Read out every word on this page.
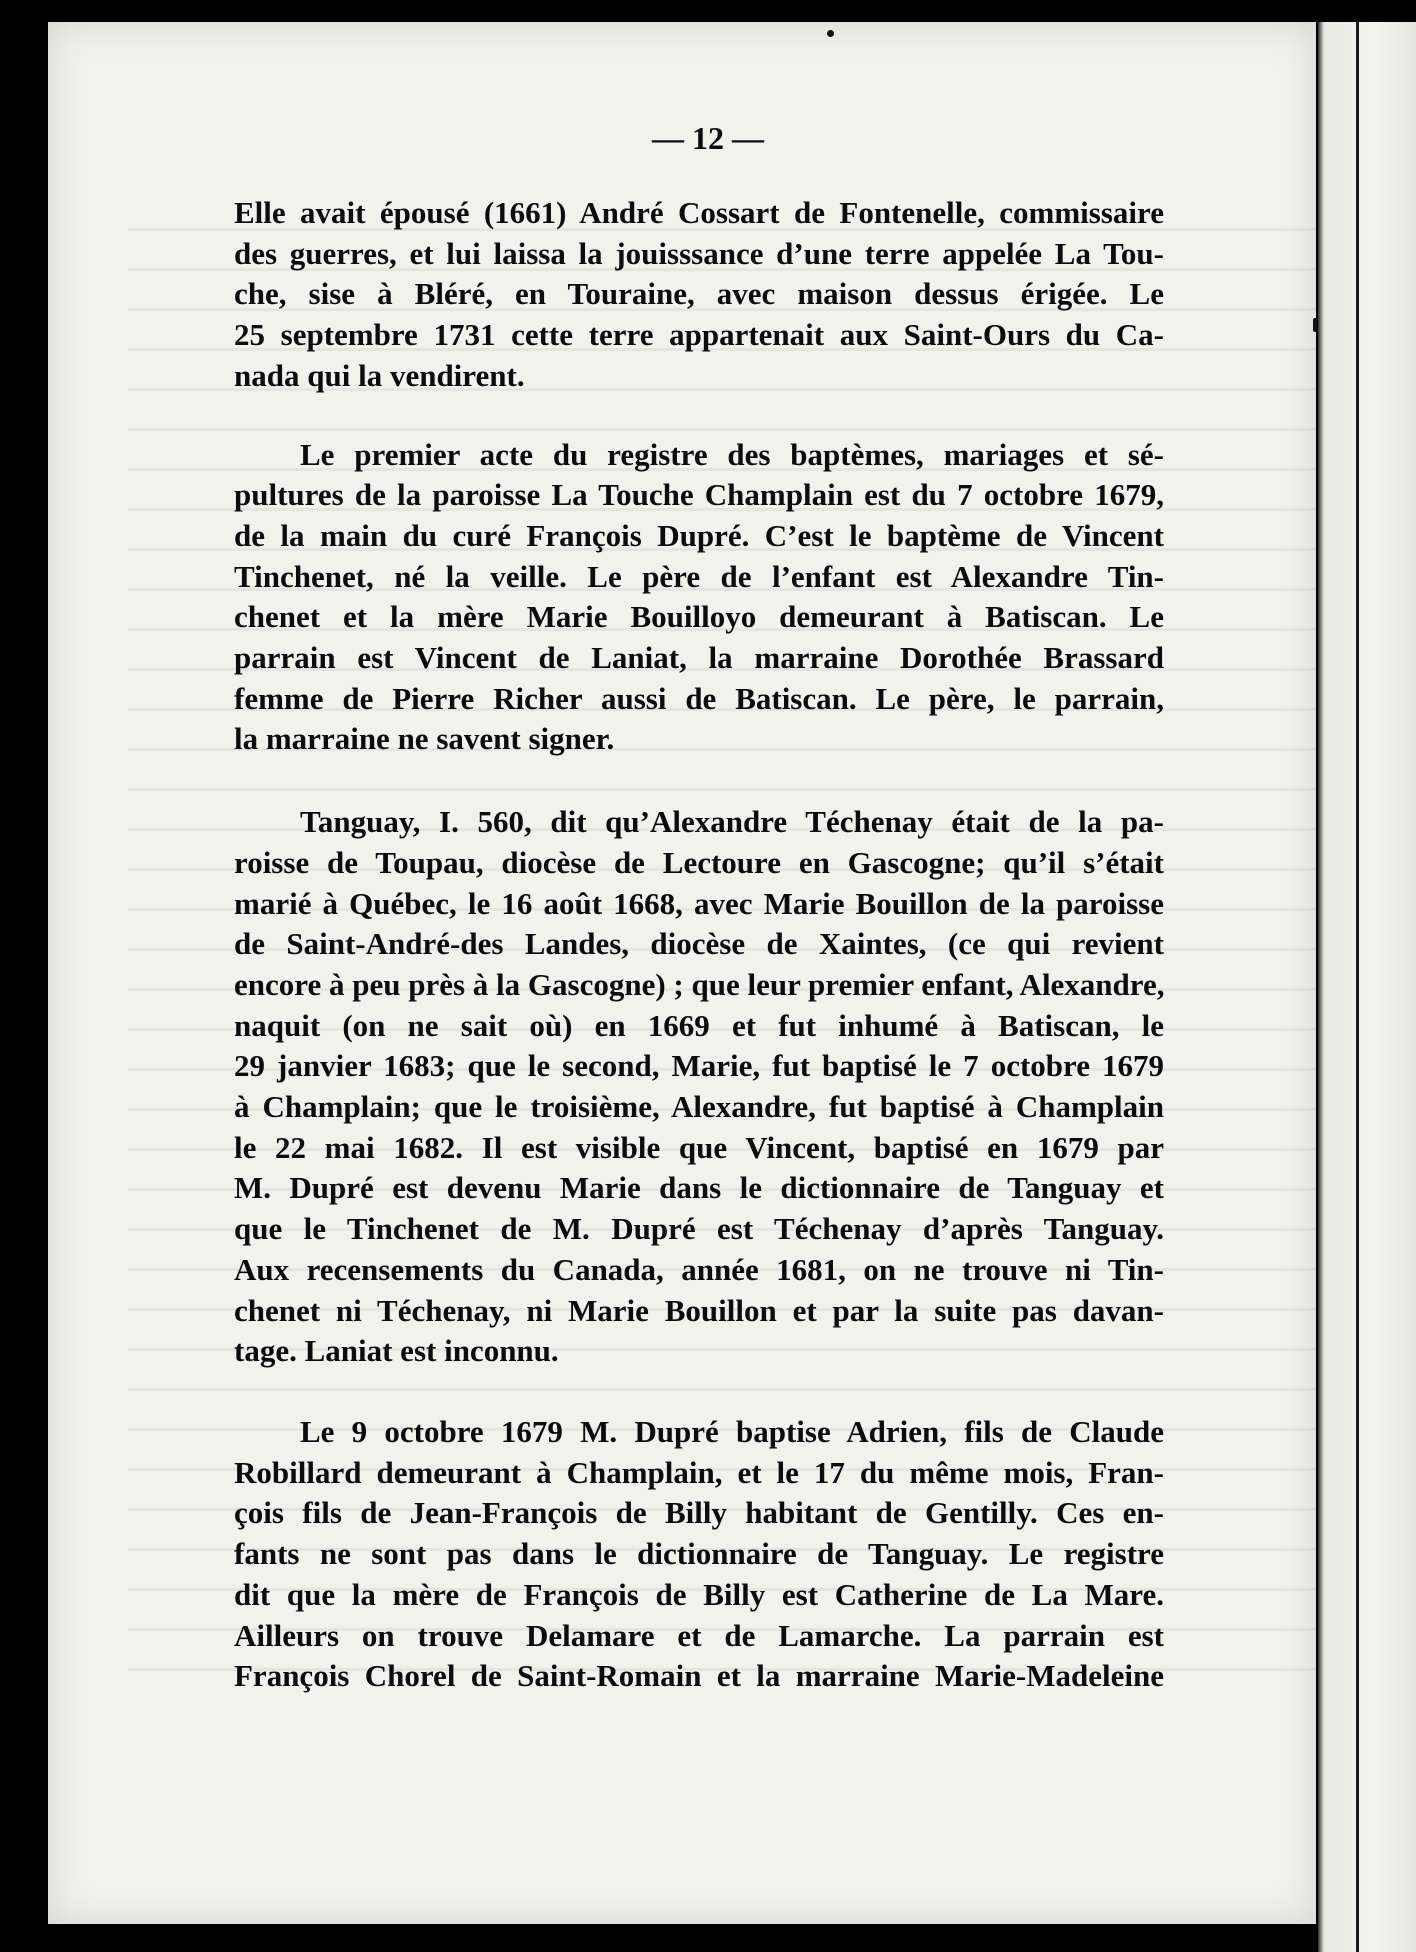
— 12 —

Elle avait épousé (1661) André Cossart de Fontenelle, commissaire
des guerres, et lui laissa la jouisssance d’une terre appelée La Tou-
che, sise à Bléré, en Touraine, avec maison dessus érigée. Le
25 septembre 1731 cette terre appartenait aux Saint-Ours du Ca-
nada qui la vendirent.

Le premier acte du registre des baptèmes, mariages et sé-
pultures de la paroisse La Touche Champlain est du 7 octobre 1679,
de la main du curé François Dupré. C’est le baptème de Vincent
Tinchenet, né la veille. Le père de l’enfant est Alexandre Tin-
chenet et la mère Marie Bouilloyo demeurant à Batiscan. Le
parrain est Vincent de Laniat, la marraine Dorothée Brassard
femme de Pierre Richer aussi de Batiscan. Le père, le parrain,
la marraine ne savent signer.

Tanguay, I. 560, dit qu’Alexandre Téchenay était de la pa-
roisse de Toupau, diocèse de Lectoure en Gascogne; qu’il s’était
marié à Québec, le 16 août 1668, avec Marie Bouillon de la paroisse
de Saint-André-des Landes, diocèse de Xaintes, (ce qui revient
encore à peu près à la Gascogne) ; que leur premier enfant, Alexandre,
naquit (on ne sait où) en 1669 et fut inhumé à Batiscan, le
29 janvier 1683; que le second, Marie, fut baptisé le 7 octobre 1679
à Champlain; que le troisième, Alexandre, fut baptisé à Champlain
le 22 mai 1682. Il est visible que Vincent, baptisé en 1679 par
M. Dupré est devenu Marie dans le dictionnaire de Tanguay et
que le Tinchenet de M. Dupré est Téchenay d’après Tanguay.
Aux recensements du Canada, année 1681, on ne trouve ni Tin-
chenet ni Téchenay, ni Marie Bouillon et par la suite pas davan-
tage. Laniat est inconnu.

Le 9 octobre 1679 M. Dupré baptise Adrien, fils de Claude
Robillard demeurant à Champlain, et le 17 du même mois, Fran-
çois fils de Jean-François de Billy habitant de Gentilly. Ces en-
fants ne sont pas dans le dictionnaire de Tanguay. Le registre
dit que la mère de François de Billy est Catherine de La Mare.
Ailleurs on trouve Delamare et de Lamarche. La parrain est
François Chorel de Saint-Romain et la marraine Marie-Madeleine
